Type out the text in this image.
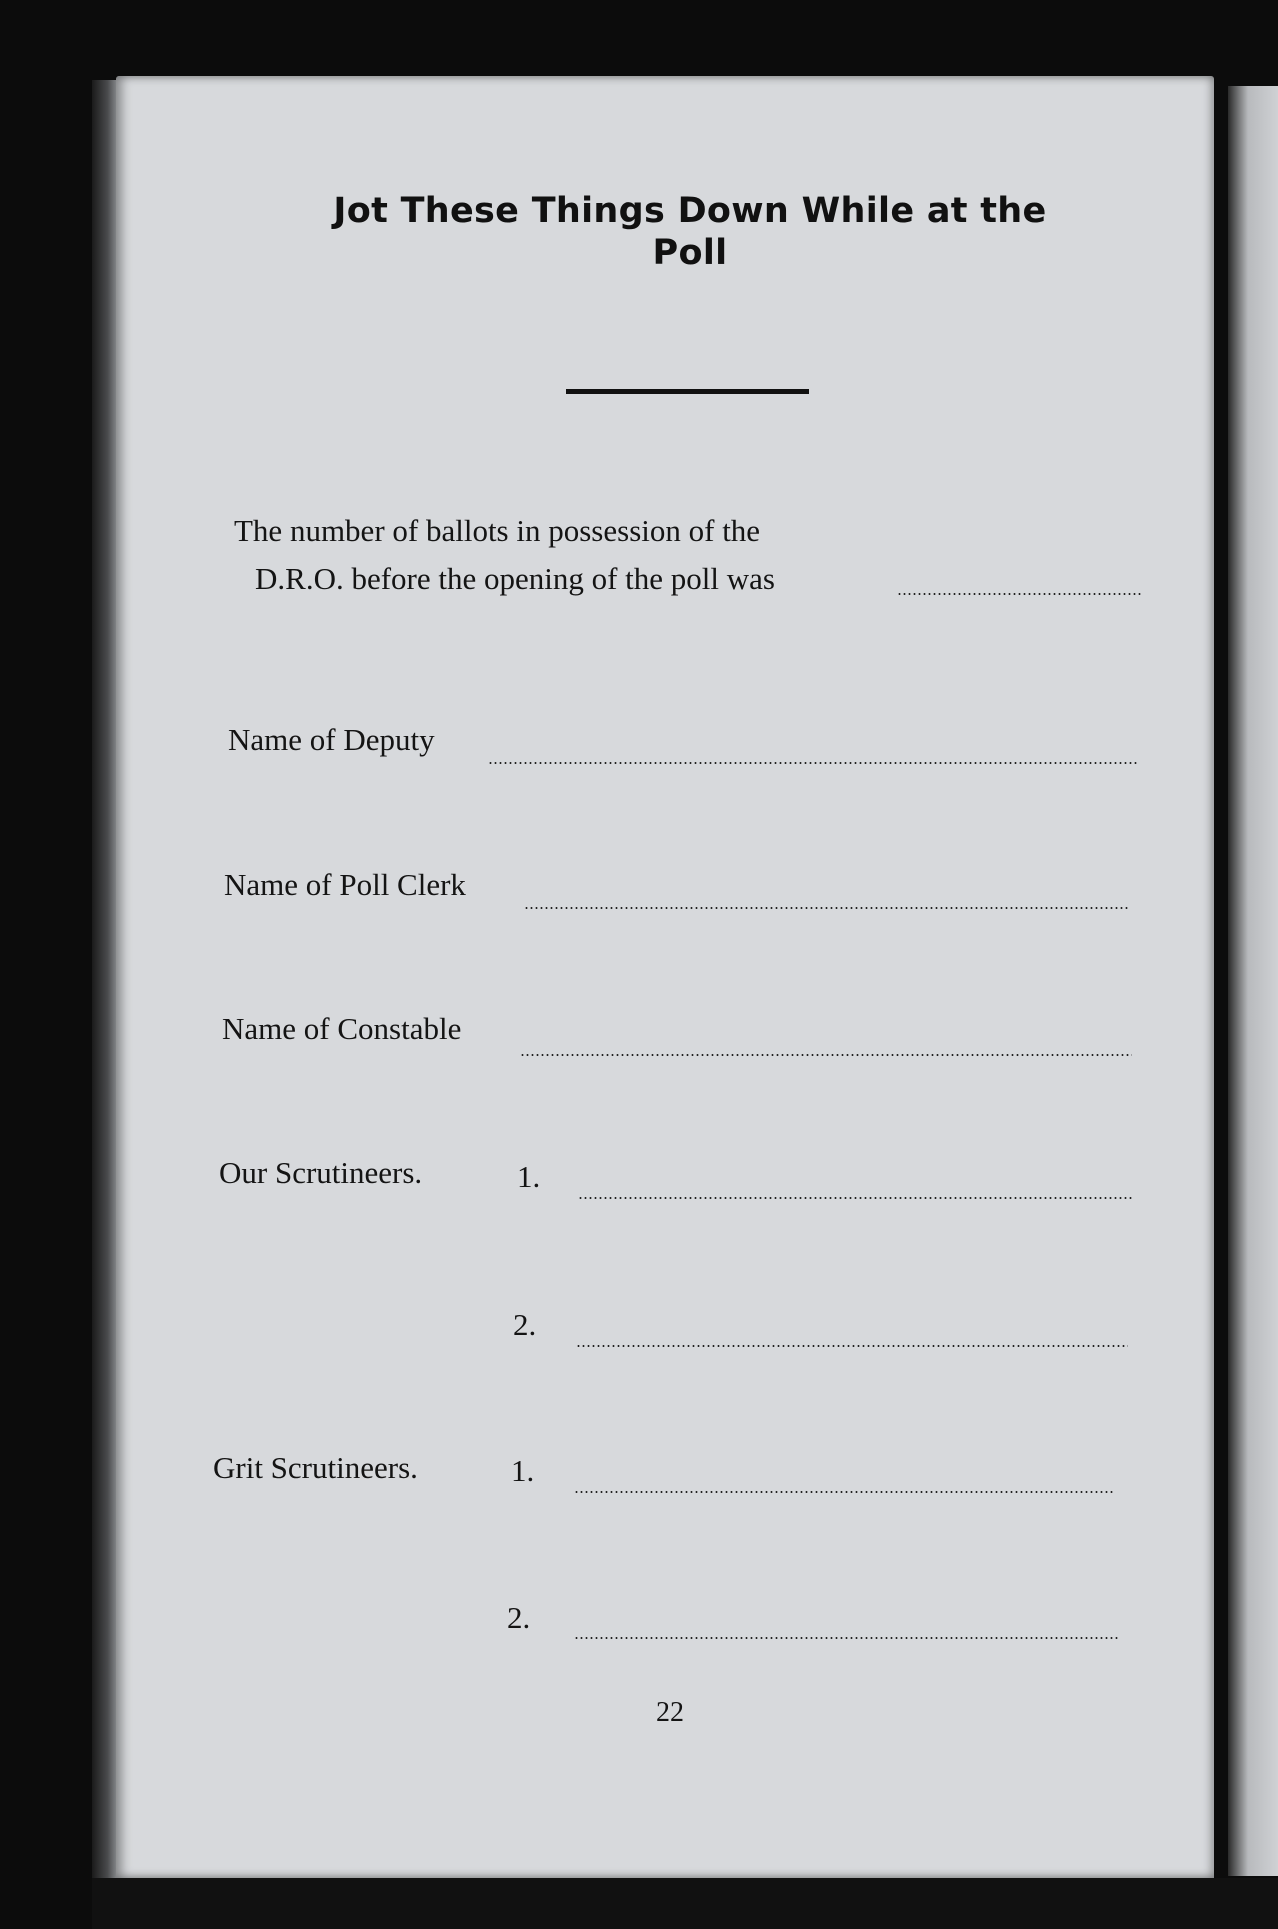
Jot These Things Down While at the Poll
The number of ballots in possession of the
D.R.O. before the opening of the poll was
Name of Deputy
Name of Poll Clerk
Name of Constable
Our Scrutineers.	1.
2.
Grit Scrutineers.	1.
2.
22
